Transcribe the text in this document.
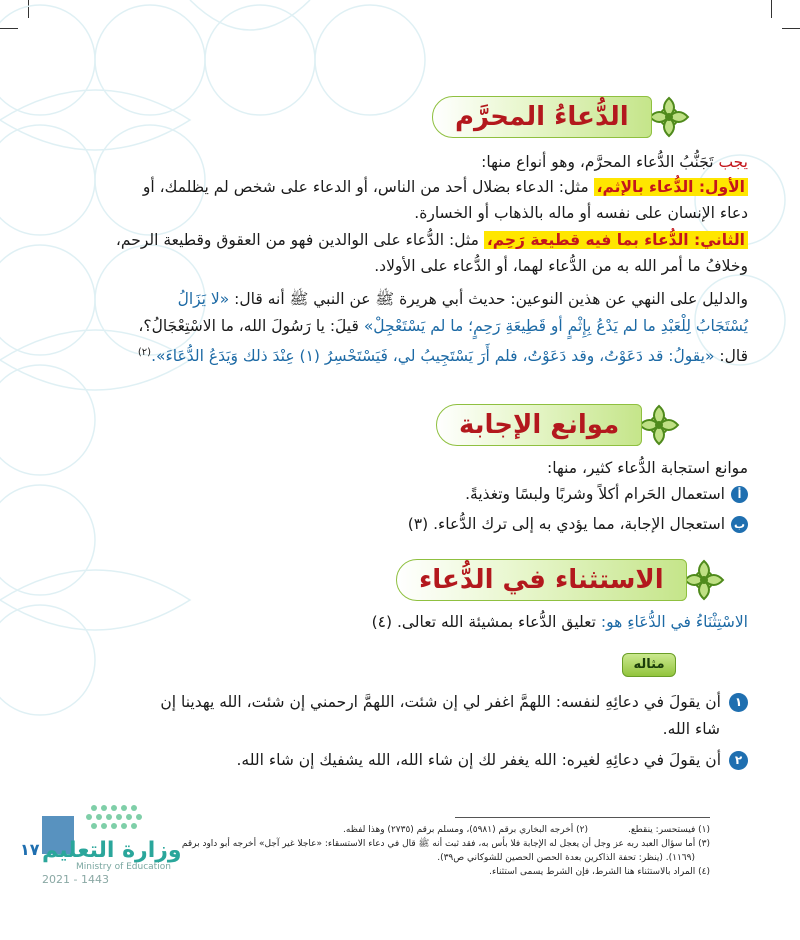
الدُّعاءُ المحرَّم
يجب تَجَنُّبُ الدُّعاء المحرَّم، وهو أنواع منها:
الأول: الدُّعاء بالإثم، مثل: الدعاء بضلال أحد من الناس، أو الدعاء على شخص لم يظلمك، أو
دعاء الإنسان على نفسه أو ماله بالذهاب أو الخسارة.
الثاني: الدُّعاء بما فيه قطيعة رَحِم، مثل: الدُّعاء على الوالدين فهو من العقوق وقطيعة الرحم،
وخلافُ ما أمر الله به من الدُّعاء لهما، أو الدُّعاء على الأولاد.
والدليل على النهي عن هذين النوعين: حديث أبي هريرة ﷺ عن النبي ﷺ أنه قال: «لا يَزَالُ
يُسْتَجَابُ لِلْعَبْدِ ما لم يَدْعُ بِإِثْمٍ أو قَطِيعَةِ رَحِمٍ؛ ما لم يَسْتَعْجِلْ» قيلَ: يا رَسُولَ الله، ما الاسْتِعْجَالُ؟،
قال: «يقولُ: قد دَعَوْتُ، وقد دَعَوْتُ، فلم أَرَ يَسْتَجِيبُ لي، فَيَسْتَحْسِرُ (١) عِنْدَ ذلك وَيَدَعُ الدُّعَاءَ».$^{(٢)}$
موانع الإجابة
موانع استجابة الدُّعاء كثير، منها:
أاستعمال الحَرام أكلاً وشربًا ولبسًا وتغذيةً.
باستعجال الإجابة، مما يؤدي به إلى ترك الدُّعاء. (٣)
الاستثناء في الدُّعاء
الاسْتِثْنَاءُ في الدُّعَاءِ هو: تعليق الدُّعاء بمشيئة الله تعالى. (٤)
مثاله
١أن يقولَ في دعائِهِ لنفسه: اللهمَّ اغفر لي إن شئت، اللهمَّ ارحمني إن شئت، الله يهدينا إن
شاء الله.
٢أن يقولَ في دعائِهِ لغيره: الله يغفر لك إن شاء الله، الله يشفيك إن شاء الله.
(١) فيستحسر: ينقطع.(٢) أخرجه البخاري برقم (٥٩٨١)، ومسلم برقم (٢٧٣٥) وهذا لفظه.
(٣) أما سؤال العبد ربه عز وجل أن يعجل له الإجابة فلا بأس به، فقد ثبت أنه ﷺ قال في دعاء الاستسقاء: «عاجلا غير آجل» أخرجه أبو داود برقم
(١١٦٩). (ينظر: تحفة الذاكرين بعدة الحصن الحصين للشوكاني ص٣٩).
(٤) المراد بالاستثناء هنا الشرط، فإن الشرط يسمى استثناء.
١٧ وزارة التعليم
Ministry of Education
2021 - 1443
